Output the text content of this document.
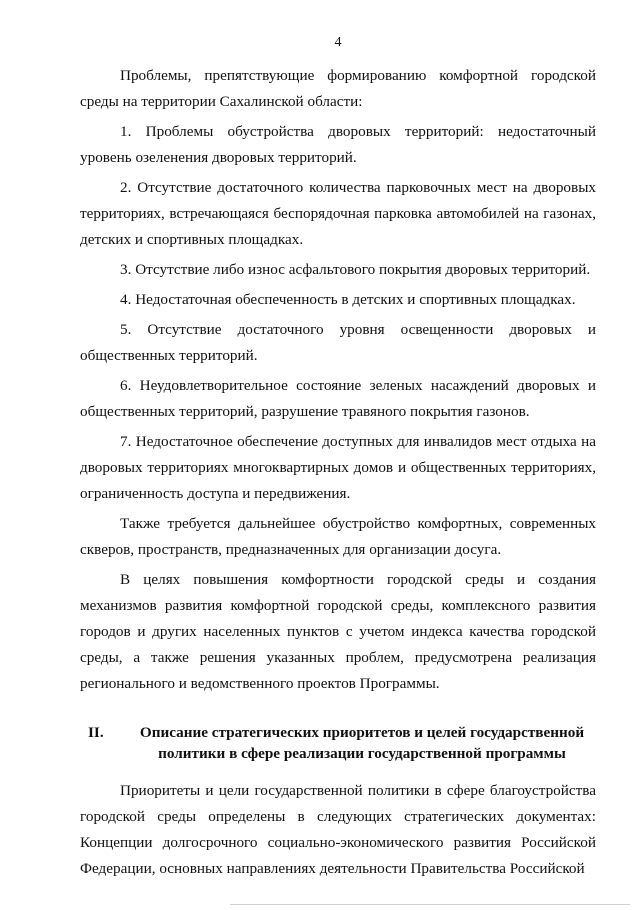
4

Проблемы, препятствующие формированию комфортной городской среды на территории Сахалинской области:

1. Проблемы обустройства дворовых территорий: недостаточный уровень озеленения дворовых территорий.

2. Отсутствие достаточного количества парковочных мест на дворовых территориях, встречающаяся беспорядочная парковка автомобилей на газонах, детских и спортивных площадках.

3. Отсутствие либо износ асфальтового покрытия дворовых территорий.

4. Недостаточная обеспеченность в детских и спортивных площадках.

5. Отсутствие достаточного уровня освещенности дворовых и общественных территорий.

6. Неудовлетворительное состояние зеленых насаждений дворовых и общественных территорий, разрушение травяного покрытия газонов.

7. Недостаточное обеспечение доступных для инвалидов мест отдыха на дворовых территориях многоквартирных домов и общественных территориях, ограниченность доступа и передвижения.

Также требуется дальнейшее обустройство комфортных, современных скверов, пространств, предназначенных для организации досуга.

В целях повышения комфортности городской среды и создания механизмов развития комфортной городской среды, комплексного развития городов и других населенных пунктов с учетом индекса качества городской среды, а также решения указанных проблем, предусмотрена реализация регионального и ведомственного проектов Программы.

II.	Описание стратегических приоритетов и целей государственной политики в сфере реализации государственной программы

Приоритеты и цели государственной политики в сфере благоустройства городской среды определены в следующих стратегических документах: Концепции долгосрочного социально-экономического развития Российской Федерации, основных направлениях деятельности Правительства Российской
